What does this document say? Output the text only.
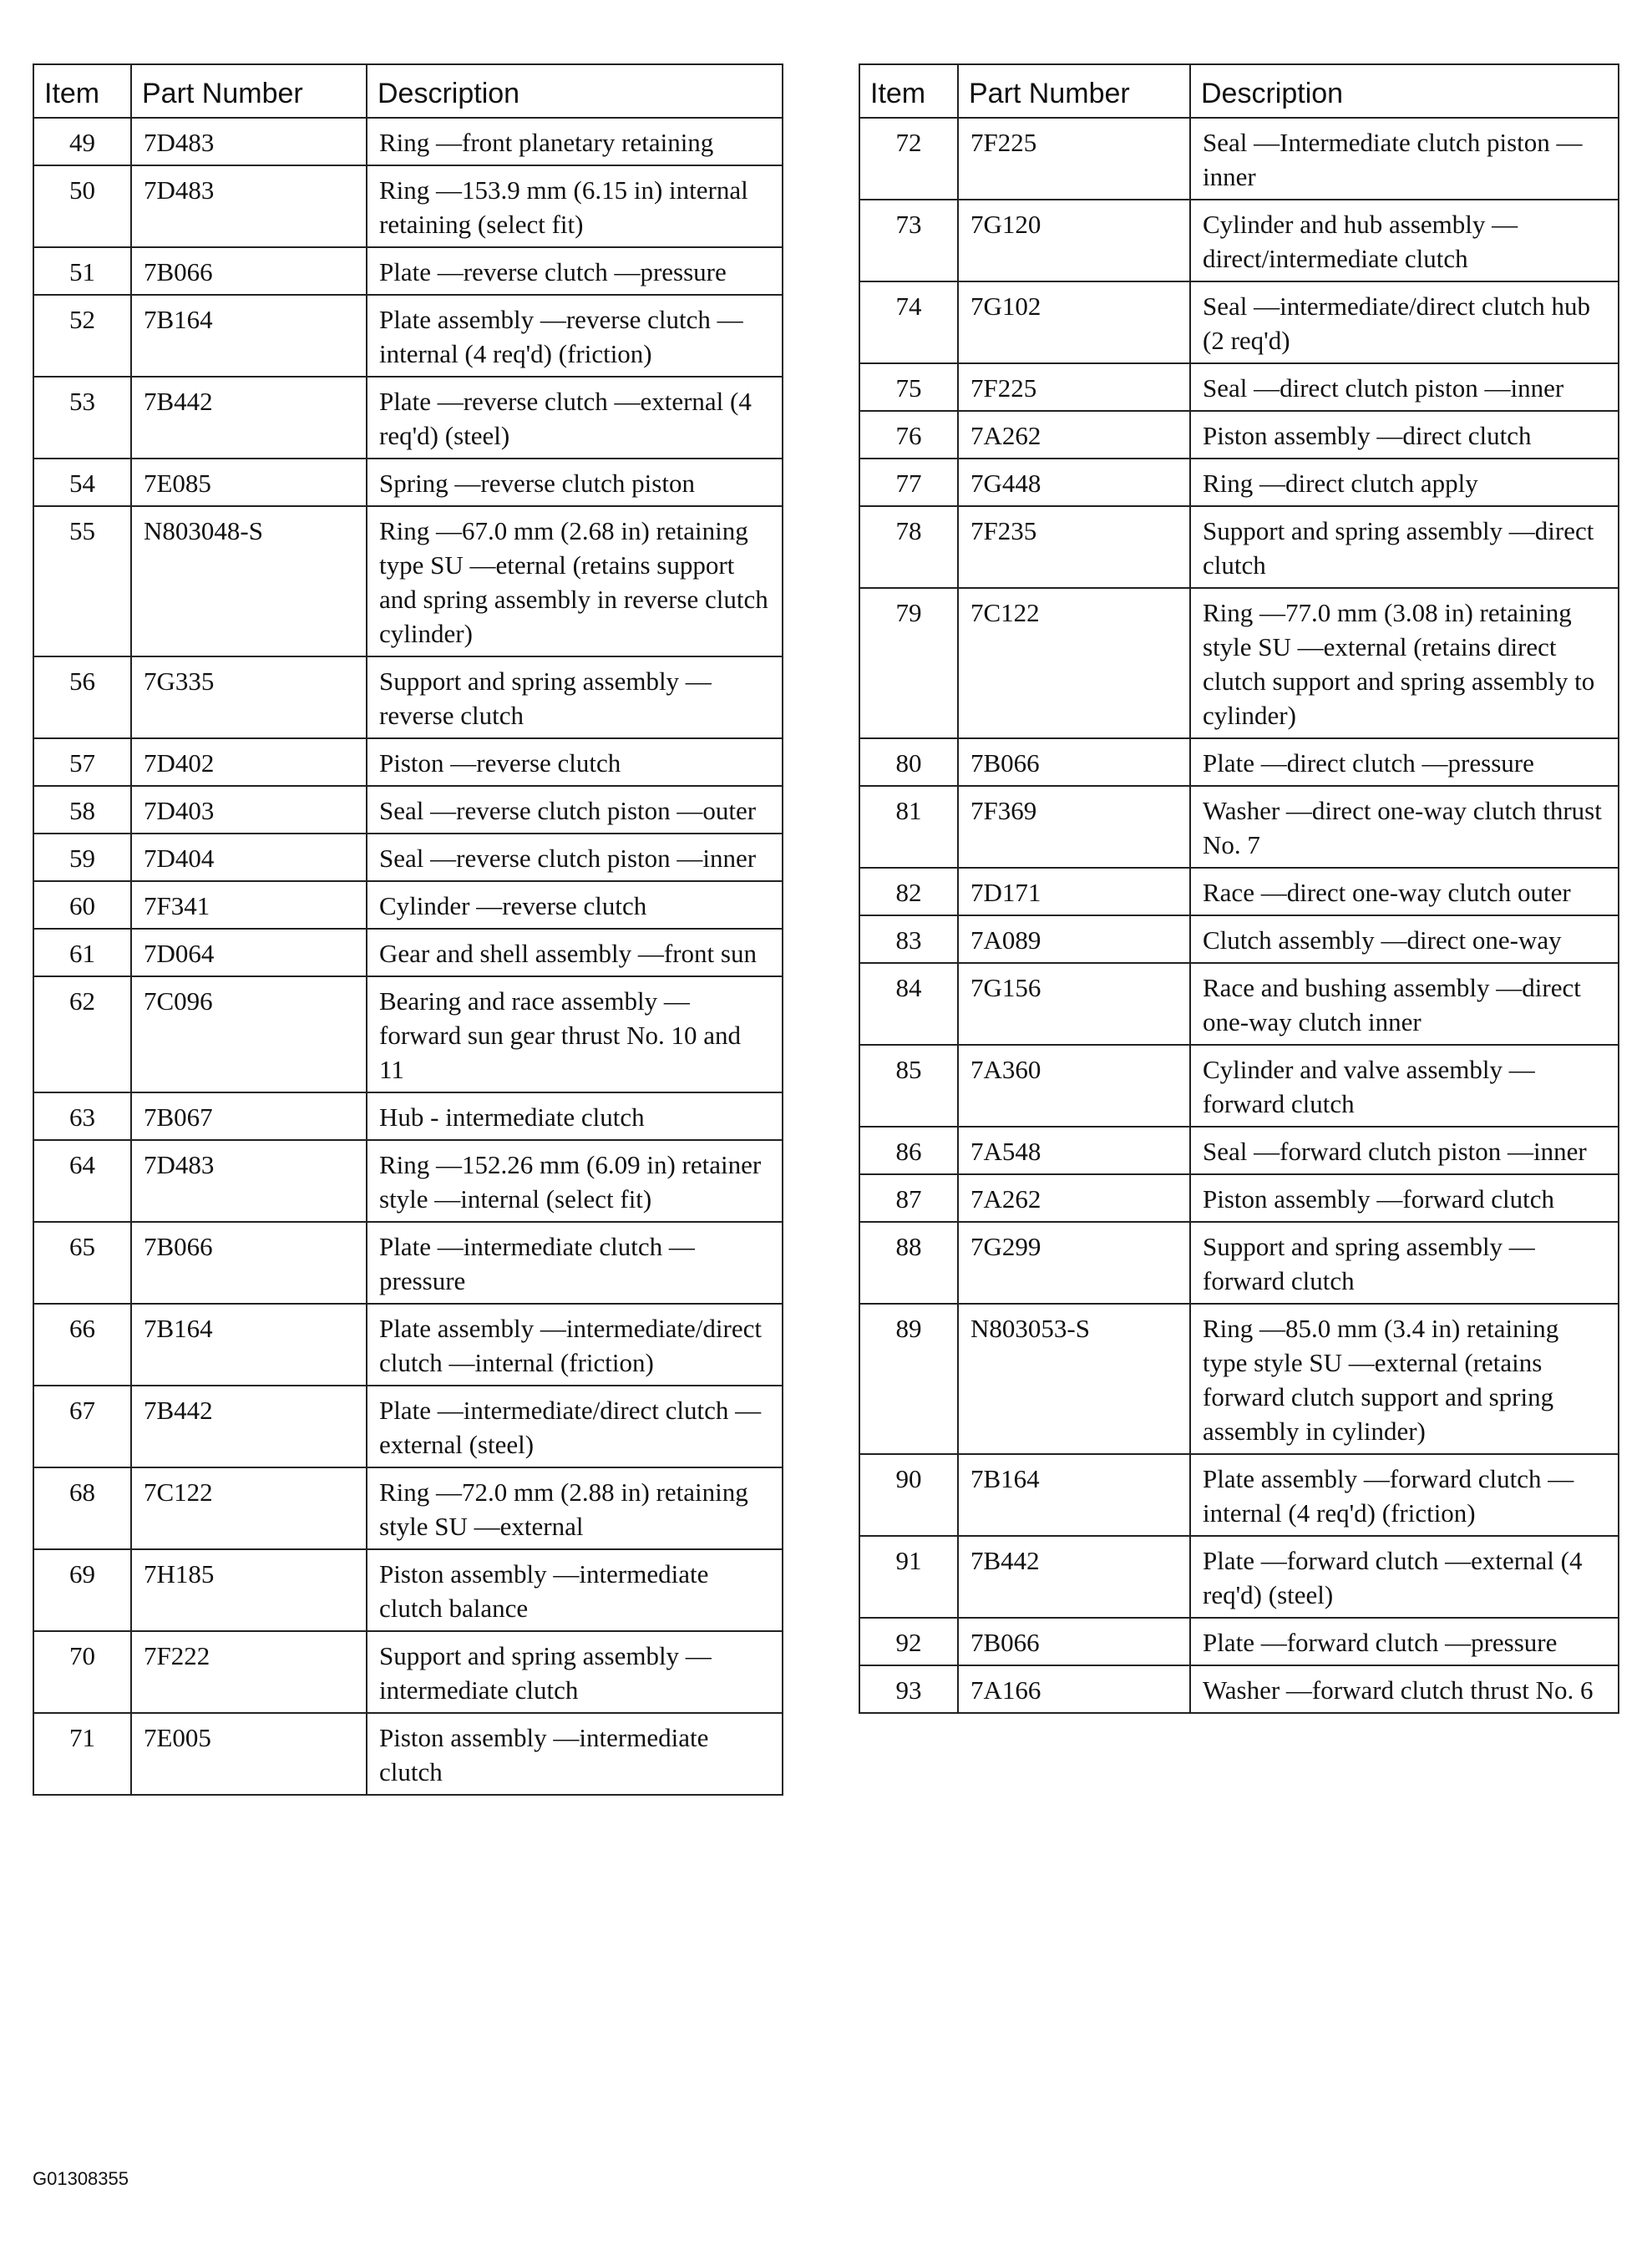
Item	Part Number	Description
49	7D483	Ring —front planetary retaining
50	7D483	Ring —153.9 mm (6.15 in) internal retaining (select fit)
51	7B066	Plate —reverse clutch —pressure
52	7B164	Plate assembly —reverse clutch —internal (4 req'd) (friction)
53	7B442	Plate —reverse clutch —external (4 req'd) (steel)
54	7E085	Spring —reverse clutch piston
55	N803048-S	Ring —67.0 mm (2.68 in) retaining type SU —eternal (retains support and spring assembly in reverse clutch cylinder)
56	7G335	Support and spring assembly —reverse clutch
57	7D402	Piston —reverse clutch
58	7D403	Seal —reverse clutch piston —outer
59	7D404	Seal —reverse clutch piston —inner
60	7F341	Cylinder —reverse clutch
61	7D064	Gear and shell assembly —front sun
62	7C096	Bearing and race assembly —forward sun gear thrust No. 10 and 11
63	7B067	Hub - intermediate clutch
64	7D483	Ring —152.26 mm (6.09 in) retainer style —internal (select fit)
65	7B066	Plate —intermediate clutch —pressure
66	7B164	Plate assembly —intermediate/direct clutch —internal (friction)
67	7B442	Plate —intermediate/direct clutch —external (steel)
68	7C122	Ring —72.0 mm (2.88 in) retaining style SU —external
69	7H185	Piston assembly —intermediate clutch balance
70	7F222	Support and spring assembly —intermediate clutch
71	7E005	Piston assembly —intermediate clutch
Item	Part Number	Description
72	7F225	Seal —Intermediate clutch piston —inner
73	7G120	Cylinder and hub assembly —direct/intermediate clutch
74	7G102	Seal —intermediate/direct clutch hub (2 req'd)
75	7F225	Seal —direct clutch piston —inner
76	7A262	Piston assembly —direct clutch
77	7G448	Ring —direct clutch apply
78	7F235	Support and spring assembly —direct clutch
79	7C122	Ring —77.0 mm (3.08 in) retaining style SU —external (retains direct clutch support and spring assembly to cylinder)
80	7B066	Plate —direct clutch —pressure
81	7F369	Washer —direct one-way clutch thrust No. 7
82	7D171	Race —direct one-way clutch outer
83	7A089	Clutch assembly —direct one-way
84	7G156	Race and bushing assembly —direct one-way clutch inner
85	7A360	Cylinder and valve assembly —forward clutch
86	7A548	Seal —forward clutch piston —inner
87	7A262	Piston assembly —forward clutch
88	7G299	Support and spring assembly —forward clutch
89	N803053-S	Ring —85.0 mm (3.4 in) retaining type style SU —external (retains forward clutch support and spring assembly in cylinder)
90	7B164	Plate assembly —forward clutch —internal (4 req'd) (friction)
91	7B442	Plate —forward clutch —external (4 req'd) (steel)
92	7B066	Plate —forward clutch —pressure
93	7A166	Washer —forward clutch thrust No. 6
G01308355
